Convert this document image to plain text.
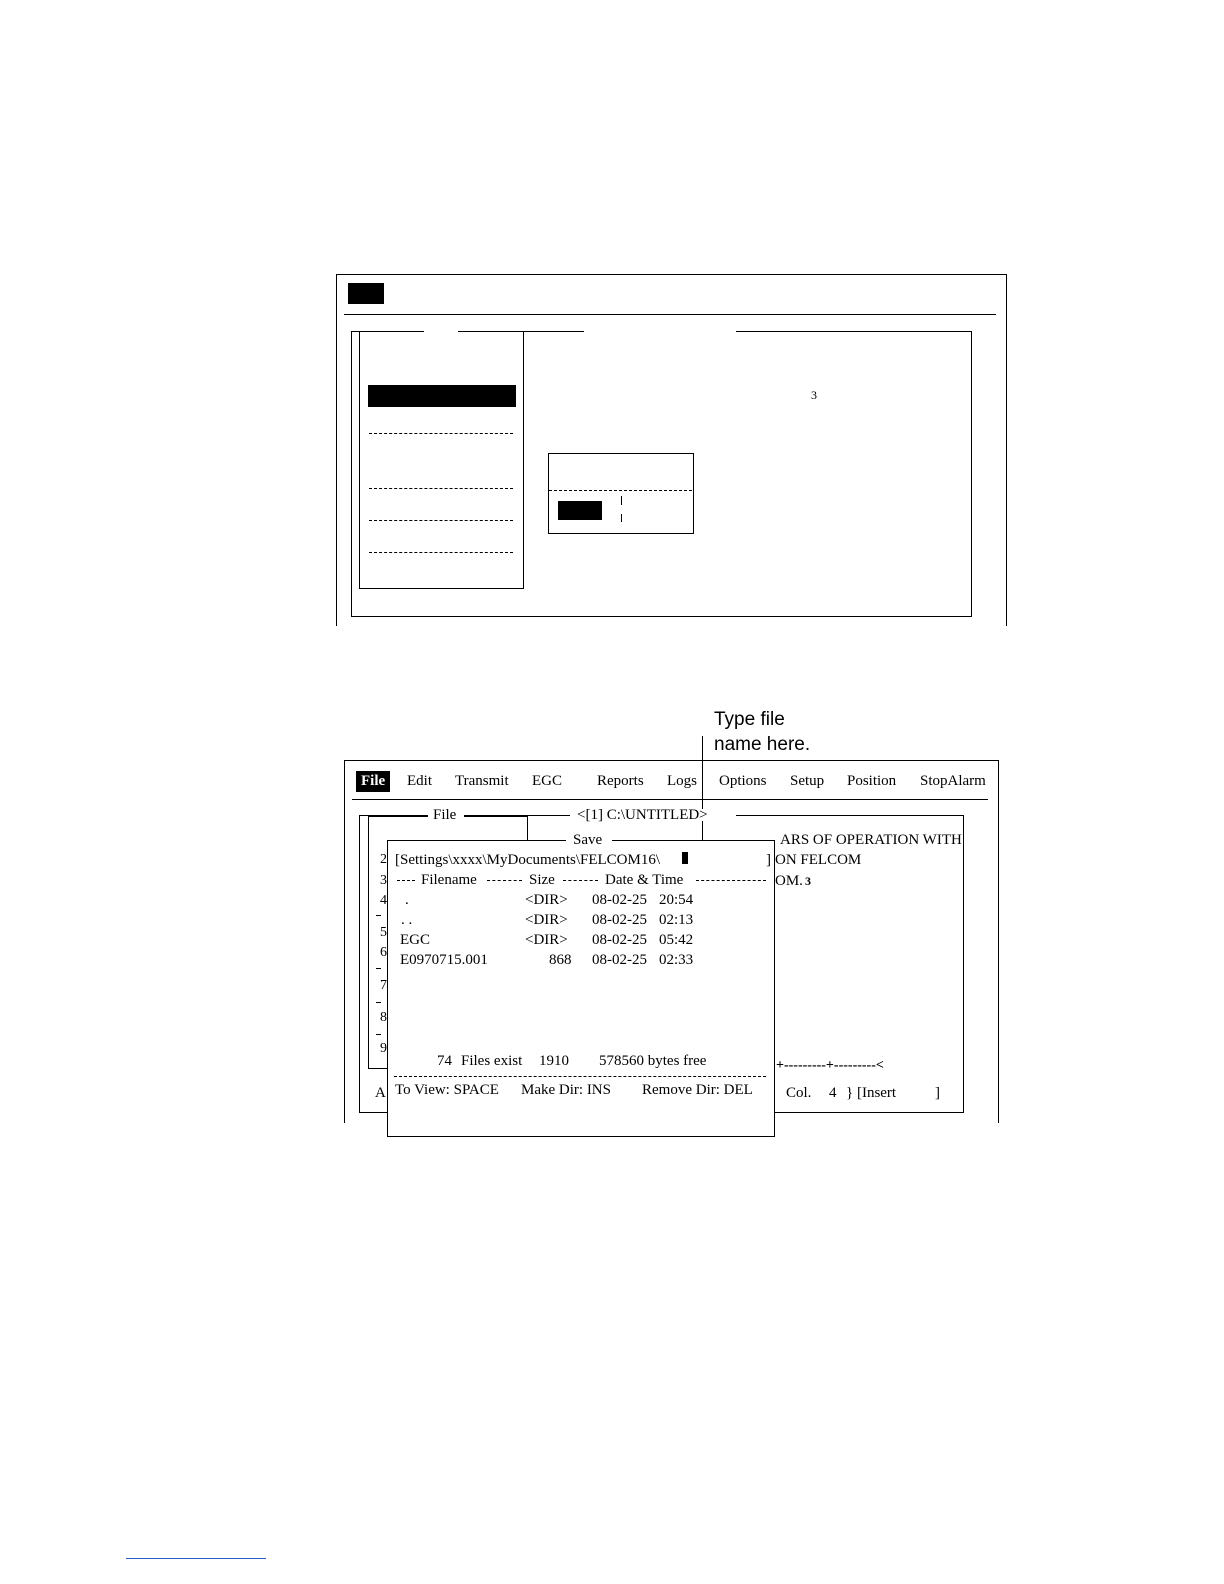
3
Type file
name here.
File	Edit Transmit EGC Reports Logs Options Setup Position StopAlarm
<[1] C:\UNTITLED>
ARS OF OPERATION WITH
ON FELCOM
OM. 3
+---------+---------<
A	Col. 4 } [Insert	]
File
2
3
4
5
6
7
8
9
Save
[Settings\xxxx\MyDocuments\FELCOM16\	]
Filename	Size	Date & Time
.	<DIR> 08-02-25 20:54
. .	<DIR> 08-02-25 02:13
EGC	<DIR> 08-02-25 05:42
E0970715.001	868 08-02-25 02:33
74 Files exist 1910 578560 bytes free
To View: SPACE Make Dir: INS Remove Dir: DEL
